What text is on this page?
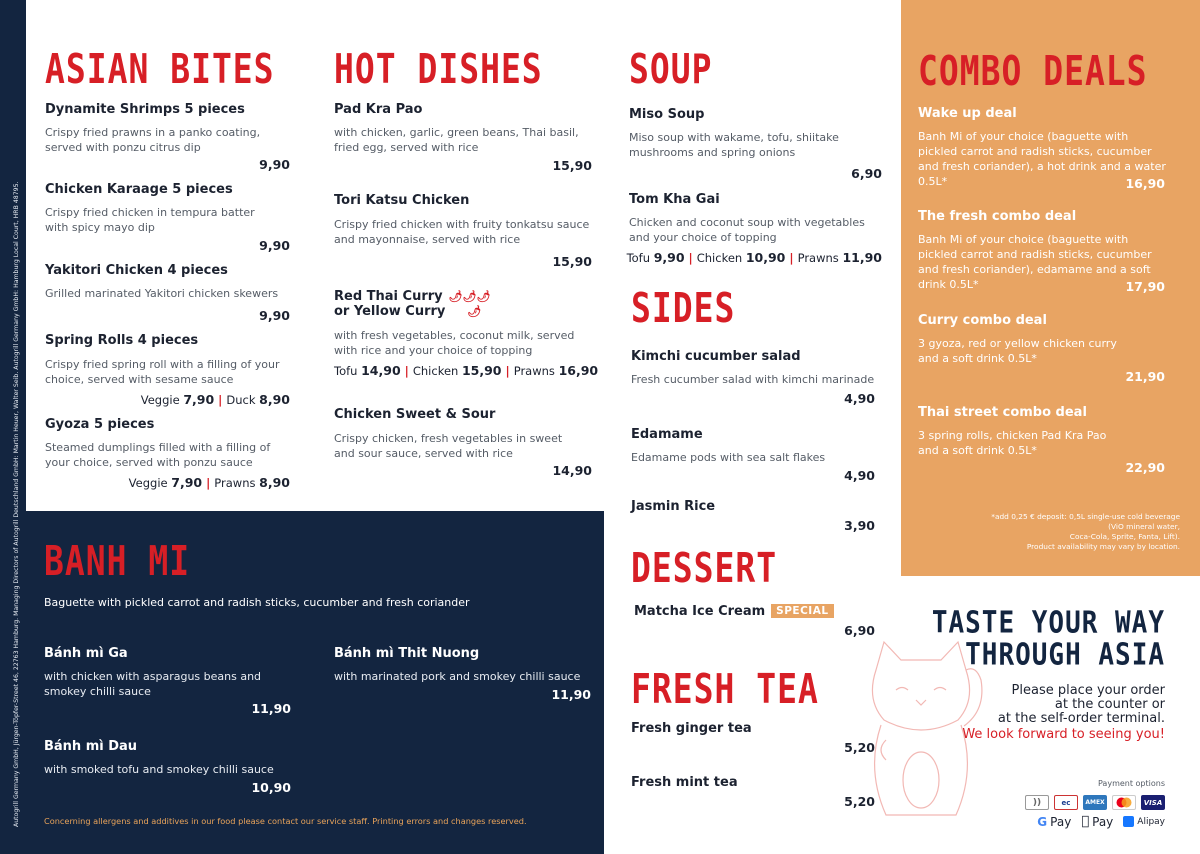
Autogrill Germany GmbH, Jürgen-Töpfer-Street 46, 22763 Hamburg. Managing Directors of Autogrill Deutschland GmbH: Martin Heuer, Walter Seib. Autogrill Germany GmbH: Hamburg Local Court, HRB 48795.
ASIAN BITES
Dynamite Shrimps 5 pieces
Crispy fried prawns in a panko coating, served with ponzu citrus dip
9,90
Chicken Karaage 5 pieces
Crispy fried chicken in tempura batter with spicy mayo dip
9,90
Yakitori Chicken 4 pieces
Grilled marinated Yakitori chicken skewers
9,90
Spring Rolls 4 pieces
Crispy fried spring roll with a filling of your choice, served with sesame sauce
Veggie 7,90 | Duck 8,90
Gyoza 5 pieces
Steamed dumplings filled with a filling of your choice, served with ponzu sauce
Veggie 7,90 | Prawns 8,90
HOT DISHES
Pad Kra Pao
with chicken, garlic, green beans, Thai basil, fried egg, served with rice
15,90
Tori Katsu Chicken
Crispy fried chicken with fruity tonkatsu sauce and mayonnaise, served with rice
15,90
Red Thai Curry 🌶🌶🌶
or Yellow Curry 🌶
with fresh vegetables, coconut milk, served with rice and your choice of topping
Tofu 14,90 | Chicken 15,90 | Prawns 16,90
Chicken Sweet & Sour
Crispy chicken, fresh vegetables in sweet and sour sauce, served with rice
14,90
SOUP
Miso Soup
Miso soup with wakame, tofu, shiitake mushrooms and spring onions
6,90
Tom Kha Gai
Chicken and coconut soup with vegetables and your choice of topping
Tofu 9,90 | Chicken 10,90 | Prawns 11,90
SIDES
Kimchi cucumber salad
Fresh cucumber salad with kimchi marinade
4,90
Edamame
Edamame pods with sea salt flakes
4,90
Jasmin Rice
3,90
DESSERT
Matcha Ice Cream SPECIAL
6,90
FRESH TEA
Fresh ginger tea
5,20
Fresh mint tea
5,20
BANH MI
Baguette with pickled carrot and radish sticks, cucumber and fresh coriander
Bánh mì Ga
with chicken with asparagus beans and smokey chilli sauce
11,90
Bánh mì Thit Nuong
with marinated pork and smokey chilli sauce
11,90
Bánh mì Dau
with smoked tofu and smokey chilli sauce
10,90
Concerning allergens and additives in our food please contact our service staff. Printing errors and changes reserved.
COMBO DEALS
Wake up deal
Banh Mi of your choice (baguette with pickled carrot and radish sticks, cucumber and fresh coriander), a hot drink and a water 0.5L*	16,90
The fresh combo deal
Banh Mi of your choice (baguette with pickled carrot and radish sticks, cucumber and fresh coriander), edamame and a soft drink 0.5L*	17,90
Curry combo deal
3 gyoza, red or yellow chicken curry and a soft drink 0.5L*
21,90
Thai street combo deal
3 spring rolls, chicken Pad Kra Pao and a soft drink 0.5L*
22,90
*add 0,25 € deposit: 0,5L single-use cold beverage
(ViO mineral water,
Coca-Cola, Sprite, Fanta, Lift).
Product availability may vary by location.
TASTE YOUR WAY
THROUGH ASIA
Please place your order
at the counter or
at the self-order terminal.
We look forward to seeing you!
Payment options
))	ec AMEX	VISA
G Pay	Pay	Alipay
